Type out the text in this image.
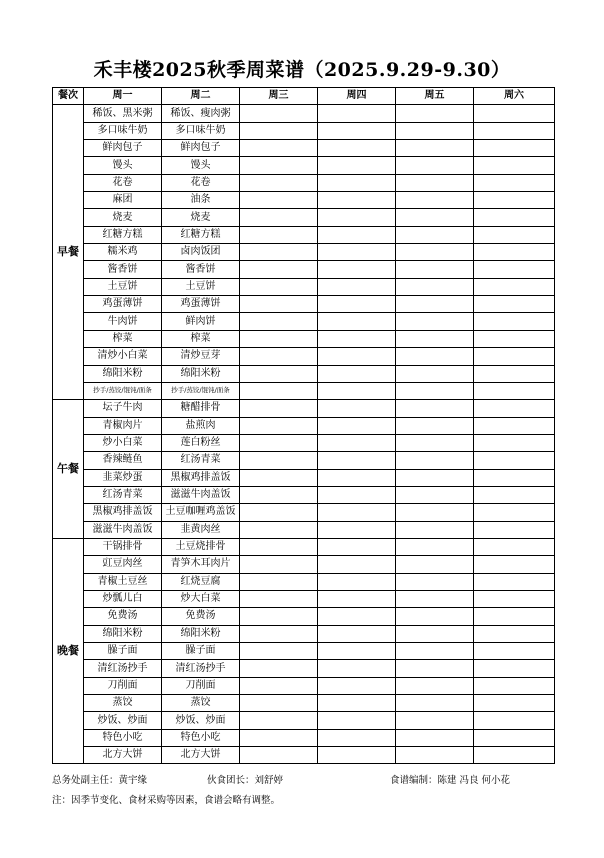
禾丰楼2025秋季周菜谱（2025.9.29-9.30）
餐次	周一	周二	周三	周四	周五	周六
早餐	稀饭、黑米粥	稀饭、瘦肉粥				
	多口味牛奶	多口味牛奶				
	鲜肉包子	鲜肉包子				
	馒头	馒头				
	花卷	花卷				
	麻团	油条				
	烧麦	烧麦				
	红糖方糕	红糖方糕				
	糯米鸡	卤肉饭团				
	酱香饼	酱香饼				
	土豆饼	土豆饼				
	鸡蛋薄饼	鸡蛋薄饼				
	牛肉饼	鲜肉饼				
	榨菜	榨菜				
	清炒小白菜	清炒豆芽				
	绵阳米粉	绵阳米粉				
	抄手/蒸饺/馄饨/面条	抄手/蒸饺/馄饨/面条				
午餐	坛子牛肉	糖醋排骨				
	青椒肉片	盐煎肉				
	炒小白菜	莲白粉丝				
	香辣鲢鱼	红汤青菜				
	韭菜炒蛋	黑椒鸡排盖饭				
	红汤青菜	滋滋牛肉盖饭				
	黑椒鸡排盖饭	土豆咖喱鸡盖饭				
	滋滋牛肉盖饭	韭黄肉丝				
晚餐	干锅排骨	土豆烧排骨				
	豇豆肉丝	青笋木耳肉片				
	青椒土豆丝	红烧豆腐				
	炒瓢儿白	炒大白菜				
	免费汤	免费汤				
	绵阳米粉	绵阳米粉				
	臊子面	臊子面				
	清红汤抄手	清红汤抄手				
	刀削面	刀削面				
	蒸饺	蒸饺				
	炒饭、炒面	炒饭、炒面				
	特色小吃	特色小吃				
	北方大饼	北方大饼				
总务处副主任：黄宇缘	伙食团长：刘舒婷	食谱编制：陈建 冯良 何小花
注：因季节变化、食材采购等因素，食谱会略有调整。
